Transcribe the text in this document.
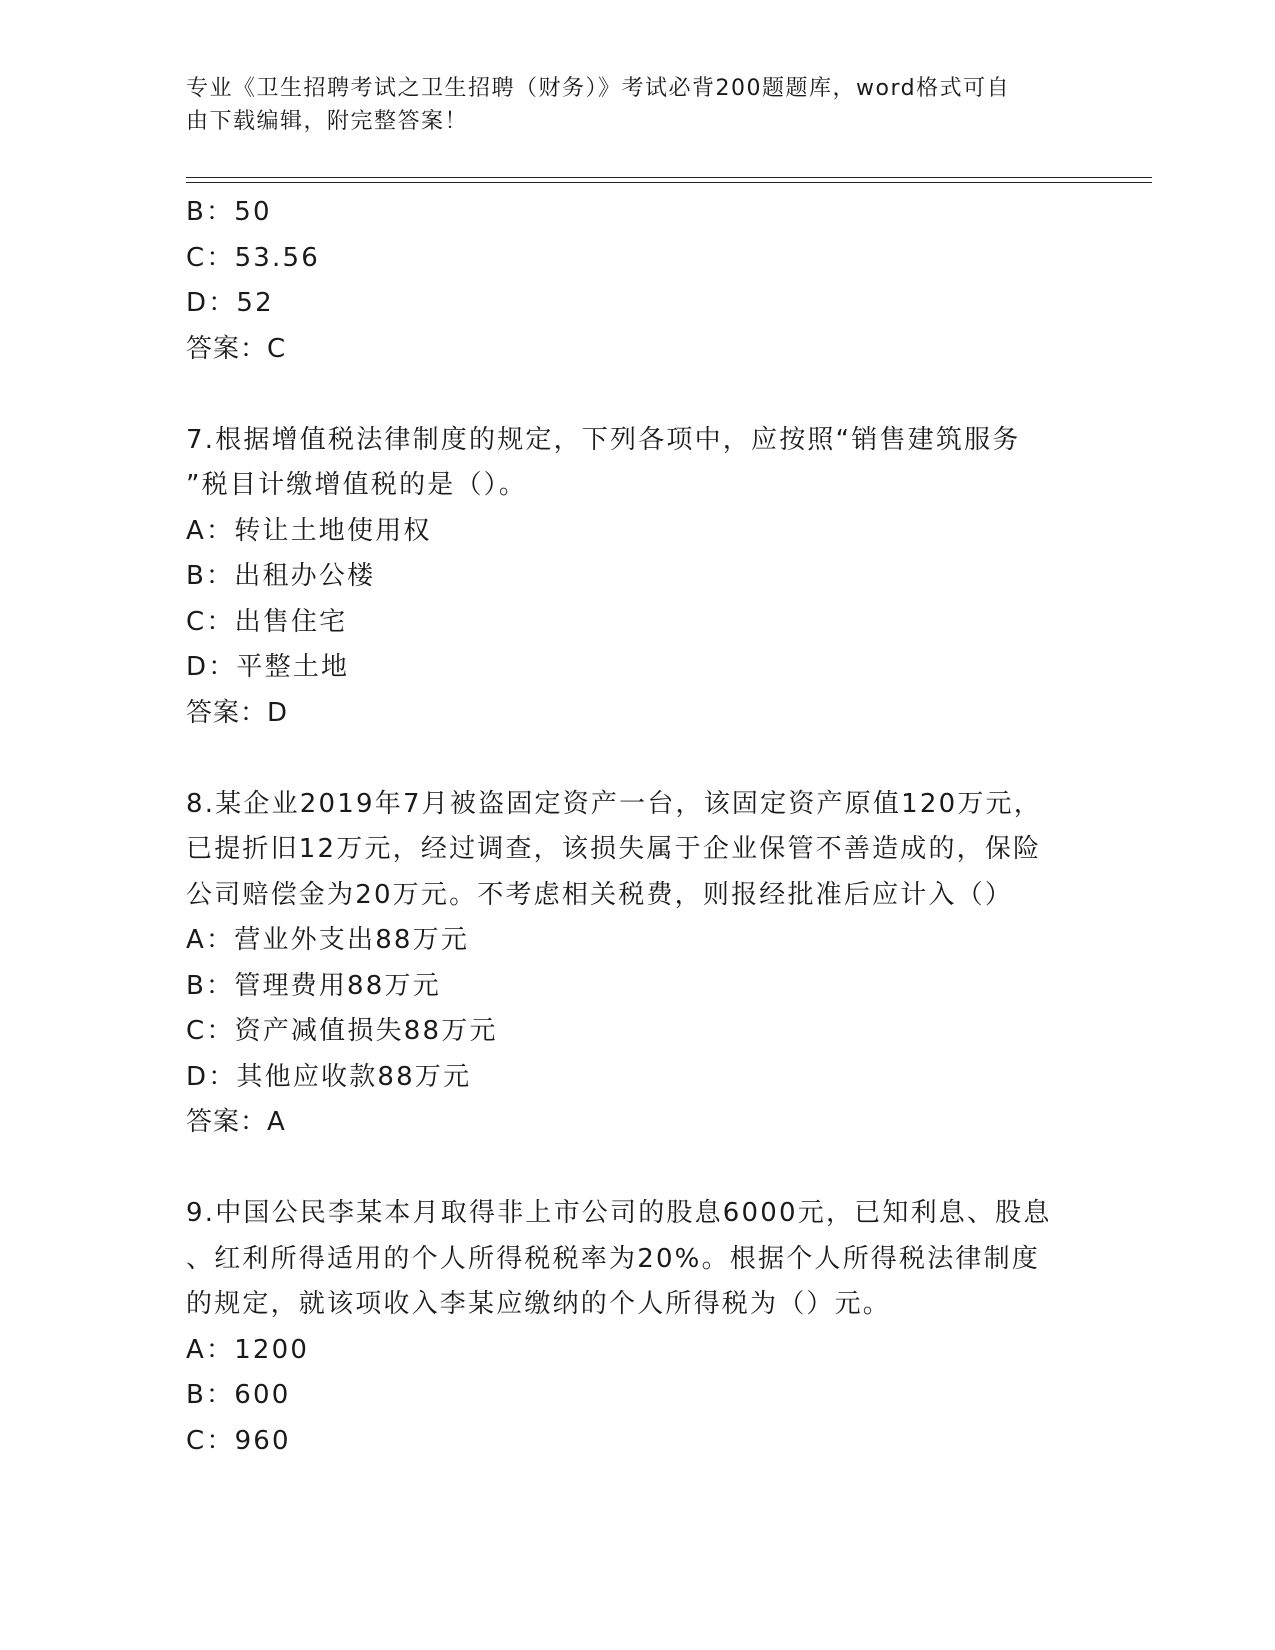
专业《卫生招聘考试之卫生招聘（财务）》考试必背200题题库，word格式可自
由下载编辑，附完整答案！
B：50
C：53.56
D：52
答案：C
7.根据增值税法律制度的规定，下列各项中，应按照“销售建筑服务
”税目计缴增值税的是（）。
A：转让土地使用权
B：出租办公楼
C：出售住宅
D：平整土地
答案：D
8.某企业2019年7月被盗固定资产一台，该固定资产原值120万元，
已提折旧12万元，经过调查，该损失属于企业保管不善造成的，保险
公司赔偿金为20万元。不考虑相关税费，则报经批准后应计入（）
A：营业外支出88万元
B：管理费用88万元
C：资产减值损失88万元
D：其他应收款88万元
答案：A
9.中国公民李某本月取得非上市公司的股息6000元，已知利息、股息
、红利所得适用的个人所得税税率为20%。根据个人所得税法律制度
的规定，就该项收入李某应缴纳的个人所得税为（）元。
A：1200
B：600
C：960
